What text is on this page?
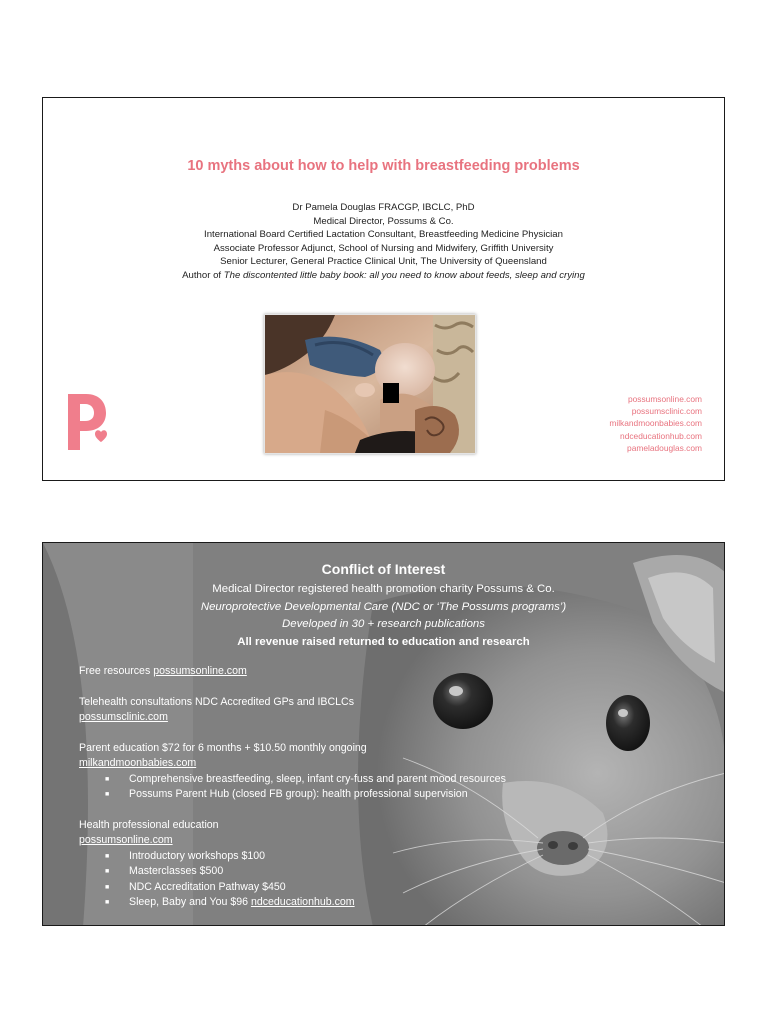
10 myths about how to help with breastfeeding problems
Dr Pamela Douglas FRACGP, IBCLC, PhD
Medical Director, Possums & Co.
International Board Certified Lactation Consultant, Breastfeeding Medicine Physician
Associate Professor Adjunct, School of Nursing and Midwifery, Griffith University
Senior Lecturer, General Practice Clinical Unit, The University of Queensland
Author of The discontented little baby book: all you need to know about feeds, sleep and crying
possumsonline.com
possumsclinic.com
milkandmoonbabies.com
ndceducationhub.com
pameladouglas.com
Conflict of Interest
Medical Director registered health promotion charity Possums & Co.
Neuroprotective Developmental Care (NDC or ‘The Possums programs’)
Developed in 30 + research publications
All revenue raised returned to education and research
Free resources possumsonline.com
Telehealth consultations NDC Accredited GPs and IBCLCs
possumsclinic.com
Parent education $72 for 6 months + $10.50 monthly ongoing
milkandmoonbabies.com
■ Comprehensive breastfeeding, sleep, infant cry-fuss and parent mood resources
■ Possums Parent Hub (closed FB group): health professional supervision
Health professional education
possumsonline.com
■ Introductory workshops $100
■ Masterclasses $500
■ NDC Accreditation Pathway $450
■ Sleep, Baby and You $96 ndceducationhub.com
